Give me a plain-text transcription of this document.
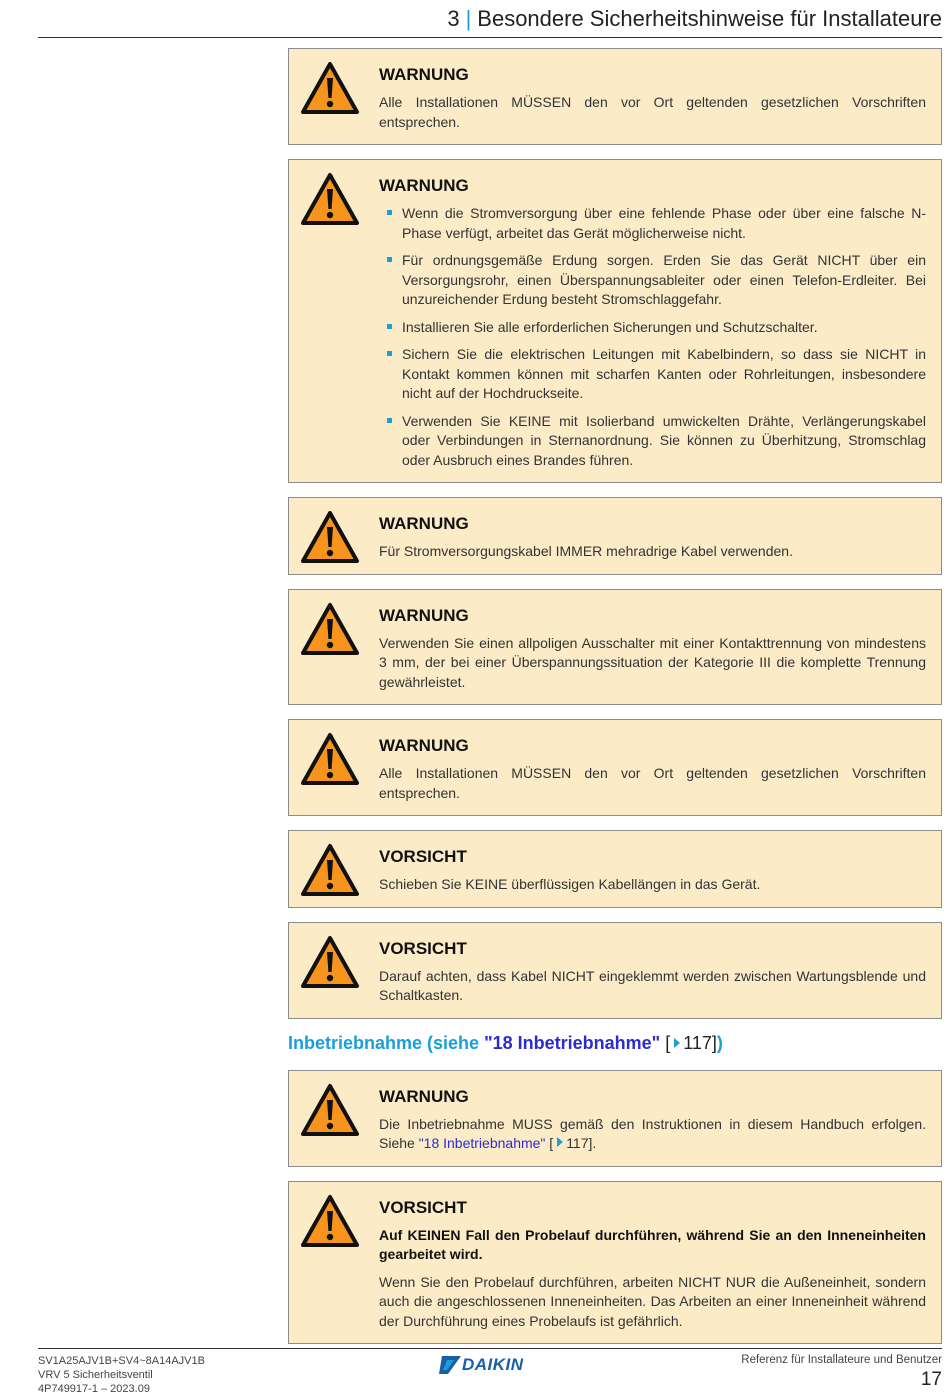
3 | Besondere Sicherheitshinweise für Installateure
WARNUNG

Alle Installationen MÜSSEN den vor Ort geltenden gesetzlichen Vorschriften entsprechen.

WARNUNG
Wenn die Stromversorgung über eine fehlende Phase oder über eine falsche N-Phase verfügt, arbeitet das Gerät möglicherweise nicht.
Für ordnungsgemäße Erdung sorgen. Erden Sie das Gerät NICHT über ein Versorgungsrohr, einen Überspannungsableiter oder einen Telefon-Erdleiter. Bei unzureichender Erdung besteht Stromschlaggefahr.
Installieren Sie alle erforderlichen Sicherungen und Schutzschalter.
Sichern Sie die elektrischen Leitungen mit Kabelbindern, so dass sie NICHT in Kontakt kommen können mit scharfen Kanten oder Rohrleitungen, insbesondere nicht auf der Hochdruckseite.
Verwenden Sie KEINE mit Isolierband umwickelten Drähte, Verlängerungskabel oder Verbindungen in Sternanordnung. Sie können zu Überhitzung, Stromschlag oder Ausbruch eines Brandes führen.
WARNUNG

Für Stromversorgungskabel IMMER mehradrige Kabel verwenden.

WARNUNG

Verwenden Sie einen allpoligen Ausschalter mit einer Kontakttrennung von mindestens 3 mm, der bei einer Überspannungssituation der Kategorie III die komplette Trennung gewährleistet.

WARNUNG

Alle Installationen MÜSSEN den vor Ort geltenden gesetzlichen Vorschriften entsprechen.

VORSICHT

Schieben Sie KEINE überflüssigen Kabellängen in das Gerät.

VORSICHT

Darauf achten, dass Kabel NICHT eingeklemmt werden zwischen Wartungsblende und Schaltkasten.

Inbetriebnahme (siehe "18 Inbetriebnahme" [ 117])
WARNUNG

Die Inbetriebnahme MUSS gemäß den Instruktionen in diesem Handbuch erfolgen. Siehe "18 Inbetriebnahme" [ 117].

VORSICHT

Auf KEINEN Fall den Probelauf durchführen, während Sie an den Inneneinheiten gearbeitet wird.

Wenn Sie den Probelauf durchführen, arbeiten NICHT NUR die Außeneinheit, sondern auch die angeschlossenen Inneneinheiten. Das Arbeiten an einer Inneneinheit während der Durchführung eines Probelaufs ist gefährlich.

SV1A25AJV1B+SV4~8A14AJV1B
VRV 5 Sicherheitsventil
4P749917-1 – 2023.09
DAIKIN	Referenz für Installateure und Benutzer
17
